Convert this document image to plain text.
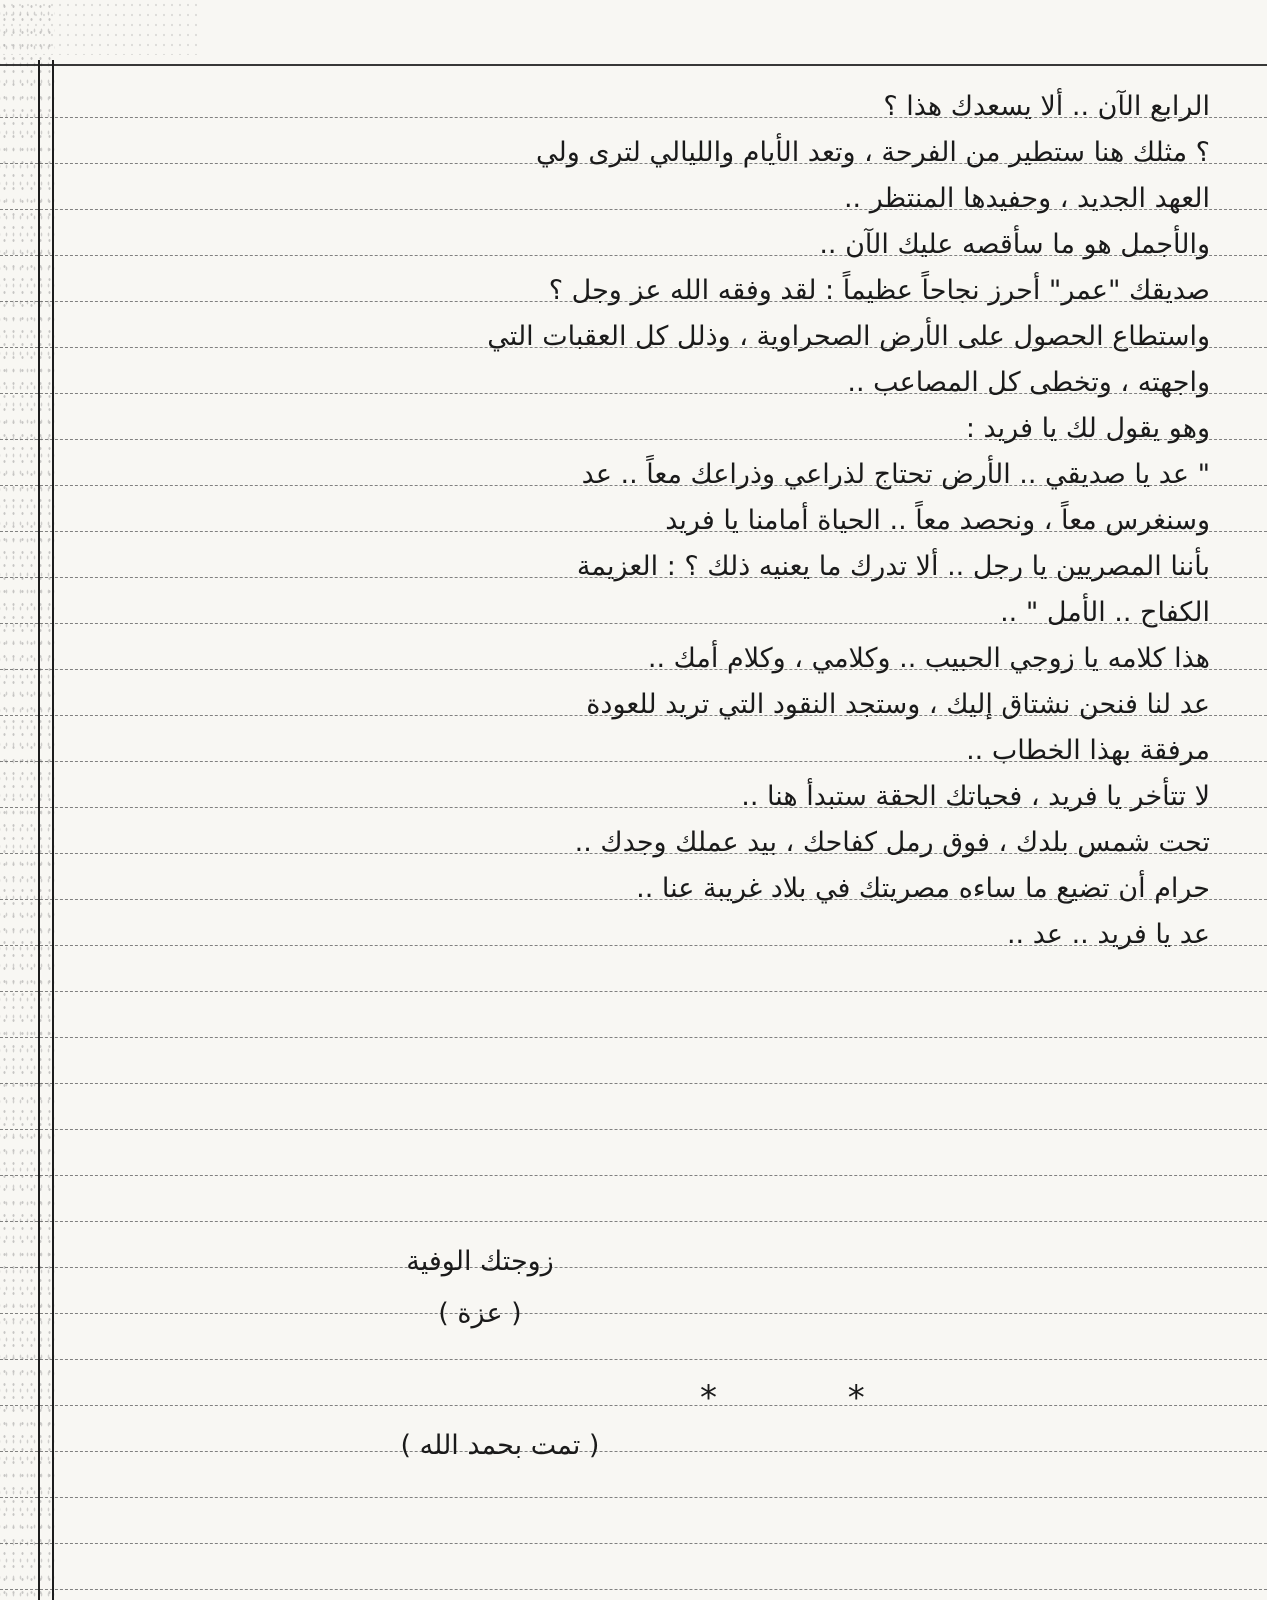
الرابع الآن .. ألا يسعدك هذا ؟
؟ مثلك هنا ستطير من الفرحة ، وتعد الأيام والليالي لترى ولي
العهد الجديد ، وحفيدها المنتظر ..
والأجمل هو ما سأقصه عليك الآن ..
صديقك "عمر" أحرز نجاحاً عظيماً : لقد وفقه الله عز وجل ؟
واستطاع الحصول على الأرض الصحراوية ، وذلل كل العقبات التي
واجهته ، وتخطى كل المصاعب ..
وهو يقول لك يا فريد :
" عد يا صديقي .. الأرض تحتاج لذراعي وذراعك معاً .. عد
وسنغرس معاً ، ونحصد معاً .. الحياة أمامنا يا فريد
بأننا المصريين يا رجل .. ألا تدرك ما يعنيه ذلك ؟ : العزيمة
الكفاح .. الأمل " ..
هذا كلامه يا زوجي الحبيب .. وكلامي ، وكلام أمك ..
عد لنا فنحن نشتاق إليك ، وستجد النقود التي تريد للعودة
مرفقة بهذا الخطاب ..
لا تتأخر يا فريد ، فحياتك الحقة ستبدأ هنا ..
تحت شمس بلدك ، فوق رمل كفاحك ، بيد عملك وجدك ..
حرام أن تضيع ما ساءه مصريتك في بلاد غريبة عنا ..
عد يا فريد .. عد ..
زوجتك الوفية
( عزة )
* *
( تمت بحمد الله )
